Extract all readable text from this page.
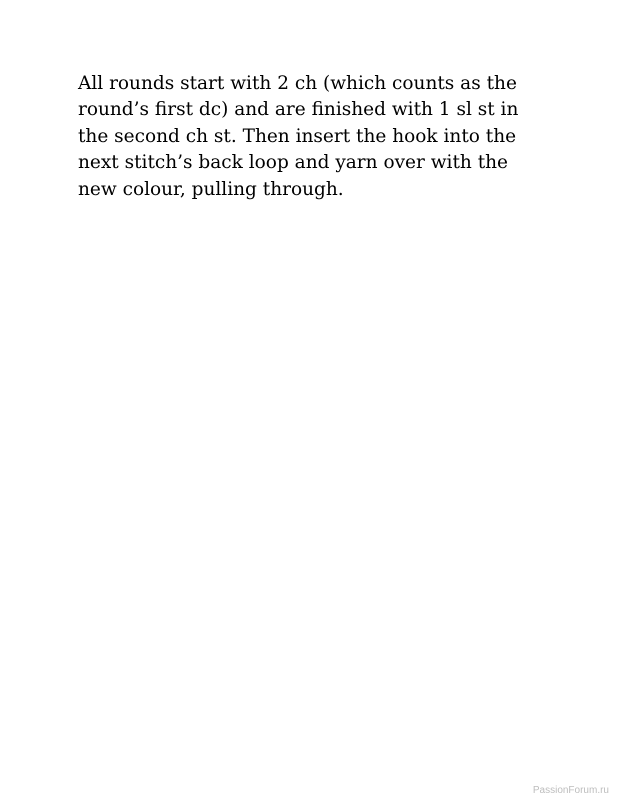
All rounds start with 2 ch (which counts as the
round’s first dc) and are finished with 1 sl st in
the second ch st. Then insert the hook into the
next stitch’s back loop and yarn over with the
new colour, pulling through.

PassionForum.ru
